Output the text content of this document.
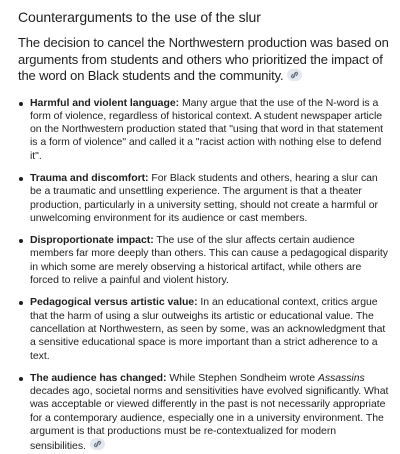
Counterarguments to the use of the slur

The decision to cancel the Northwestern production was based on arguments from students and others who prioritized the impact of the word on Black students and the community.

Harmful and violent language: Many argue that the use of the N-word is a form of violence, regardless of historical context. A student newspaper article on the Northwestern production stated that "using that word in that statement is a form of violence" and called it a "racist action with nothing else to defend it".
Trauma and discomfort: For Black students and others, hearing a slur can be a traumatic and unsettling experience. The argument is that a theater production, particularly in a university setting, should not create a harmful or unwelcoming environment for its audience or cast members.
Disproportionate impact: The use of the slur affects certain audience members far more deeply than others. This can cause a pedagogical disparity in which some are merely observing a historical artifact, while others are forced to relive a painful and violent history.
Pedagogical versus artistic value: In an educational context, critics argue that the harm of using a slur outweighs its artistic or educational value. The cancellation at Northwestern, as seen by some, was an acknowledgment that a sensitive educational space is more important than a strict adherence to a text.
The audience has changed: While Stephen Sondheim wrote Assassins decades ago, societal norms and sensitivities have evolved significantly. What was acceptable or viewed differently in the past is not necessarily appropriate for a contemporary audience, especially one in a university environment. The argument is that productions must be re-contextualized for modern sensibilities.
